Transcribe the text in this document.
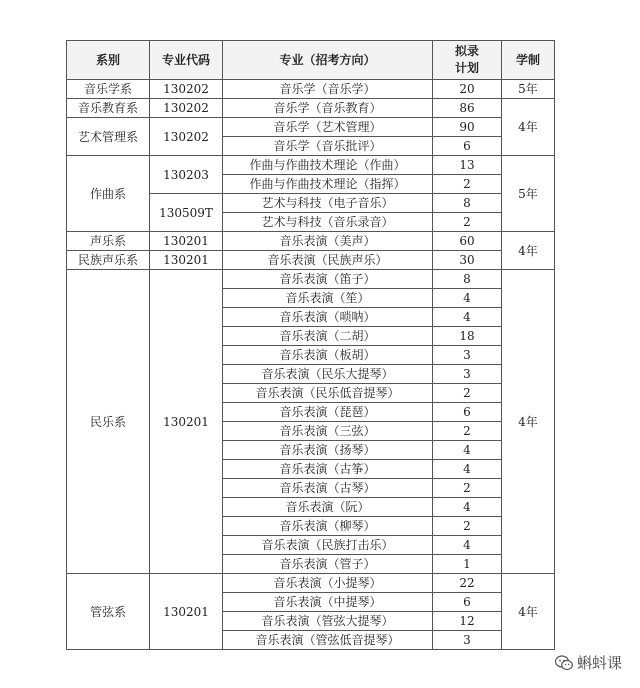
系别	专业代码	专业（招考方向）	拟录
计划	学制
音乐学系	130202	音乐学（音乐学）	20	5年
音乐教育系	130202	音乐学（音乐教育）	86	4年
艺术管理系	130202	音乐学（艺术管理）	90	
		音乐学（音乐批评）	6	
作曲系	130203	作曲与作曲技术理论（作曲）	13	5年
		作曲与作曲技术理论（指挥）	2	
	130509T	艺术与科技（电子音乐）	8	
		艺术与科技（音乐录音）	2	
声乐系	130201	音乐表演（美声）	60	4年
民族声乐系	130201	音乐表演（民族声乐）	30	
民乐系	130201	音乐表演（笛子）	8	4年
		音乐表演（笙）	4	
		音乐表演（唢呐）	4	
		音乐表演（二胡）	18	
		音乐表演（板胡）	3	
		音乐表演（民乐大提琴）	3	
		音乐表演（民乐低音提琴）	2	
		音乐表演（琵琶）	6	
		音乐表演（三弦）	2	
		音乐表演（扬琴）	4	
		音乐表演（古筝）	4	
		音乐表演（古琴）	2	
		音乐表演（阮）	4	
		音乐表演（柳琴）	2	
		音乐表演（民族打击乐）	4	
		音乐表演（管子）	1	
管弦系	130201	音乐表演（小提琴）	22	4年
		音乐表演（中提琴）	6	
		音乐表演（管弦大提琴）	12	
		音乐表演（管弦低音提琴）	3	
蝌蚪课
